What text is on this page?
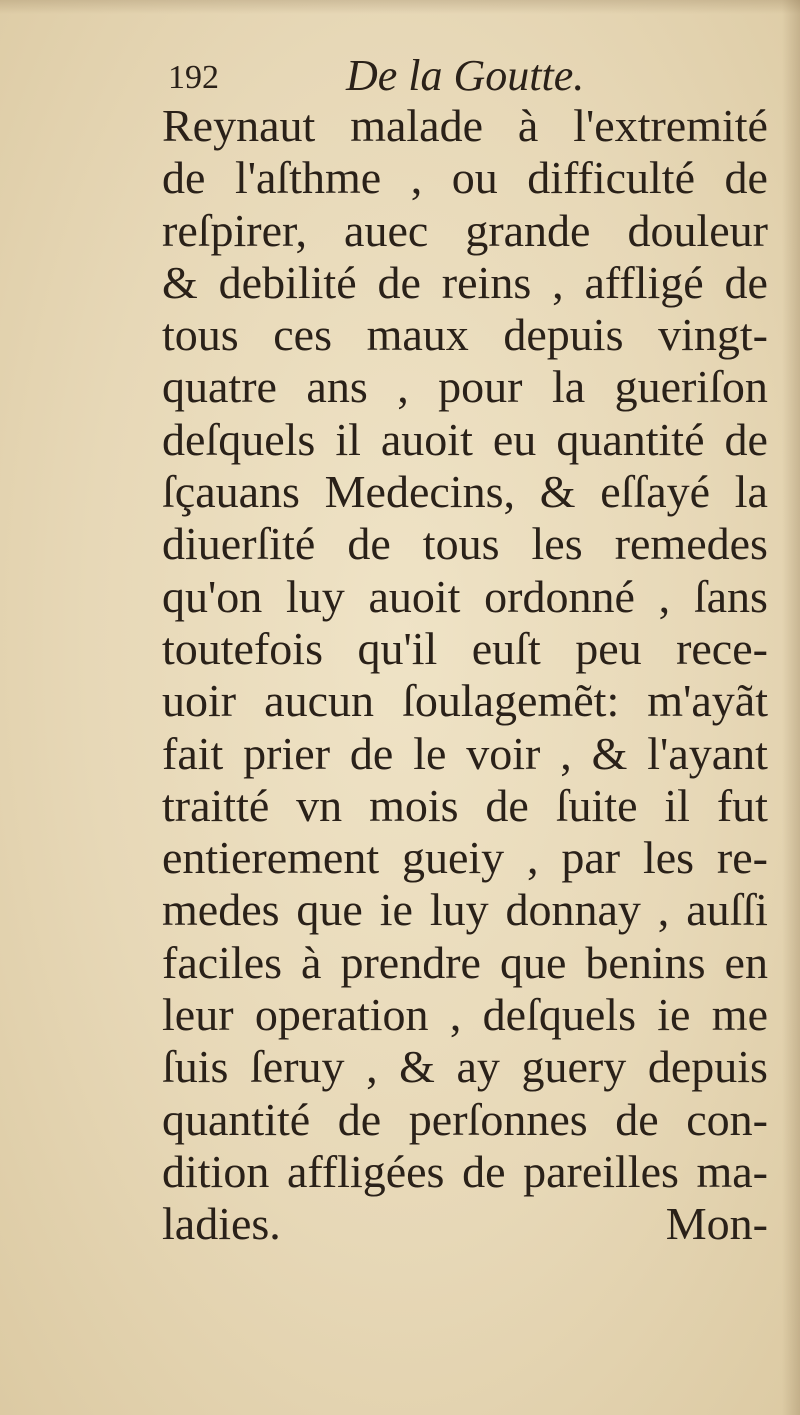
192	De la Goutte.
Reynaut malade à l'extremité
de l'aſthme , ou difficulté de
reſpirer, auec grande douleur
& debilité de reins , affligé de
tous ces maux depuis vingt-
quatre ans , pour la gueriſon
deſquels il auoit eu quantité de
ſçauans Medecins, & eſſayé la
diuerſité de tous les remedes
qu'on luy auoit ordonné , ſans
toutefois qu'il euſt peu rece-
uoir aucun ſoulagemẽt: m'ayãt
fait prier de le voir , & l'ayant
traitté vn mois de ſuite il fut
entierement gueiy , par les re-
medes que ie luy donnay , auſſi
faciles à prendre que benins en
leur operation , deſquels ie me
ſuis ſeruy , & ay guery depuis
quantité de perſonnes de con-
dition affligées de pareilles ma-
ladies.	Mon-
